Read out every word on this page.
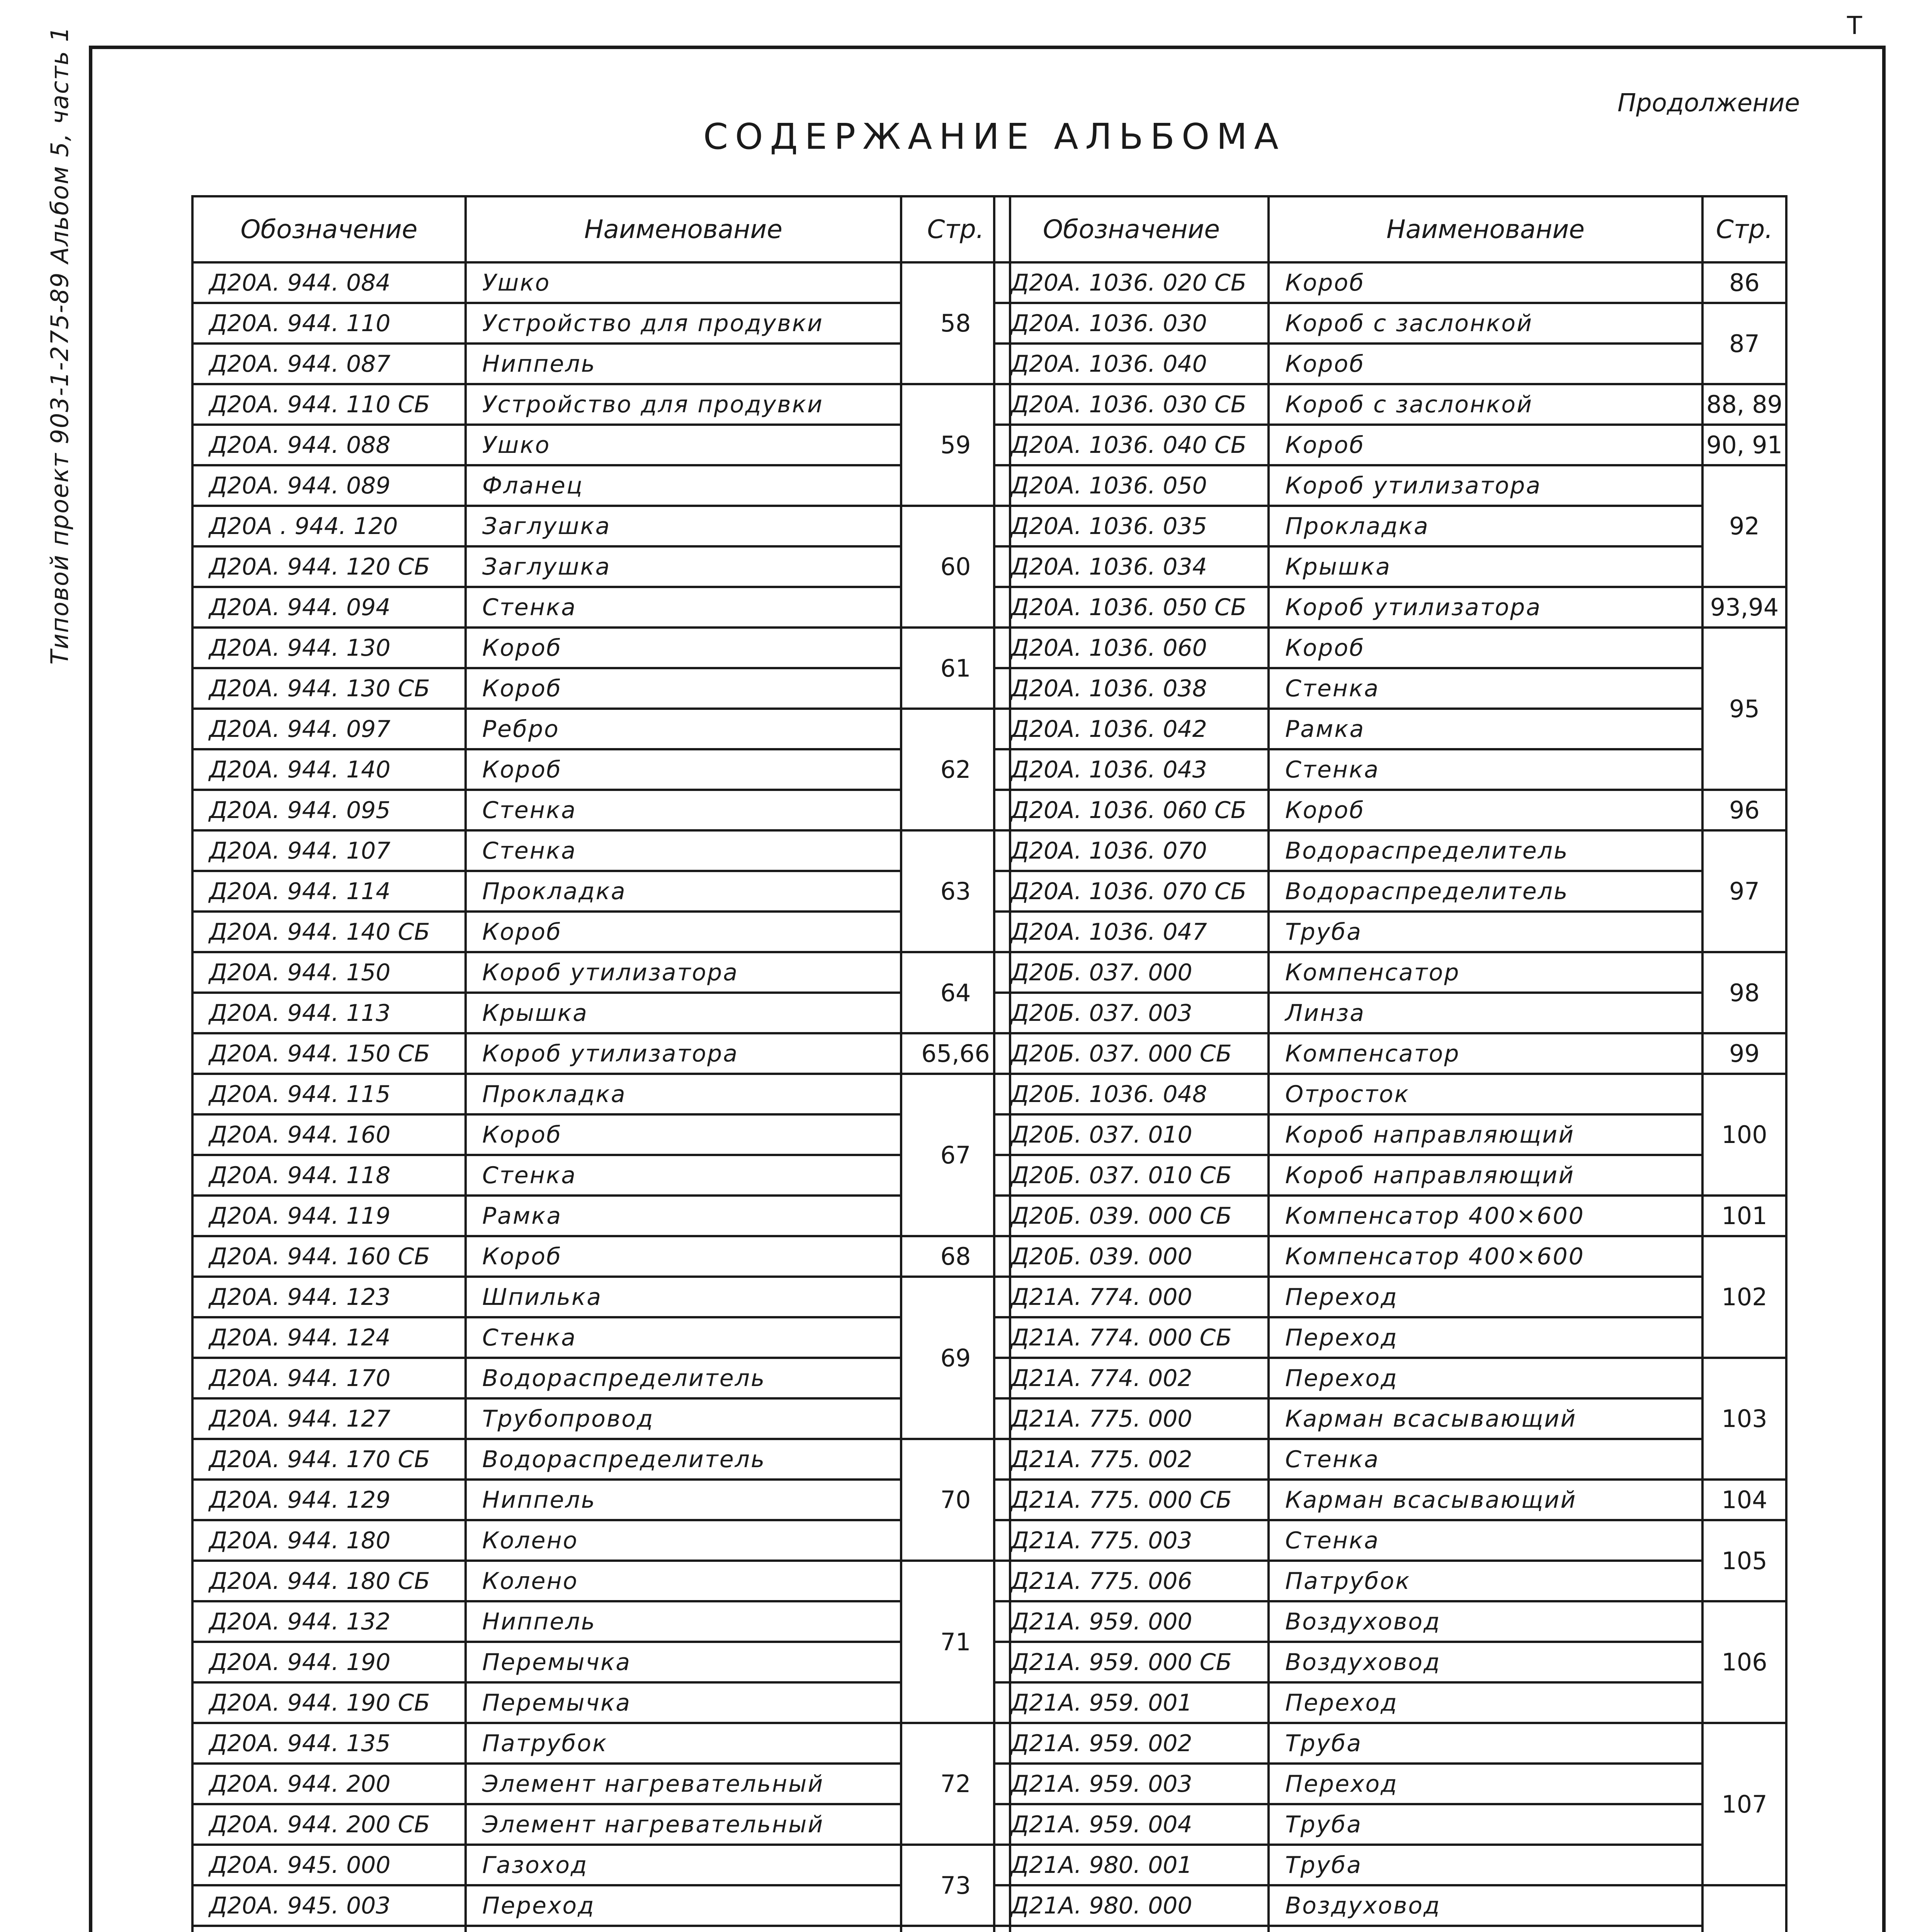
Типовой проект 903-1-275-89 Альбом 5, часть 1
Т
Продолжение
СОДЕРЖАНИЕ АЛЬБОМА
Обозначение	Наименование	Стр.
Д20А. 944. 084	Ушко	58
Д20А. 944. 110	Устройство для продувки	
Д20А. 944. 087	Ниппель	
Д20А. 944. 110 СБ	Устройство для продувки	59
Д20А. 944. 088	Ушко	
Д20А. 944. 089	Фланец	
Д20А . 944. 120	Заглушка	60
Д20А. 944. 120 СБ	Заглушка	
Д20А. 944. 094	Стенка	
Д20А. 944. 130	Короб	61
Д20А. 944. 130 СБ	Короб	
Д20А. 944. 097	Ребро	62
Д20А. 944. 140	Короб	
Д20А. 944. 095	Стенка	
Д20А. 944. 107	Стенка	63
Д20А. 944. 114	Прокладка	
Д20А. 944. 140 СБ	Короб	
Д20А. 944. 150	Короб утилизатора	64
Д20А. 944. 113	Крышка	
Д20А. 944. 150 СБ	Короб утилизатора	65,66
Д20А. 944. 115	Прокладка	67
Д20А. 944. 160	Короб	
Д20А. 944. 118	Стенка	
Д20А. 944. 119	Рамка	
Д20А. 944. 160 СБ	Короб	68
Д20А. 944. 123	Шпилька	69
Д20А. 944. 124	Стенка	
Д20А. 944. 170	Водораспределитель	
Д20А. 944. 127	Трубопровод	
Д20А. 944. 170 СБ	Водораспределитель	70
Д20А. 944. 129	Ниппель	
Д20А. 944. 180	Колено	
Д20А. 944. 180 СБ	Колено	71
Д20А. 944. 132	Ниппель	
Д20А. 944. 190	Перемычка	
Д20А. 944. 190 СБ	Перемычка	
Д20А. 944. 135	Патрубок	72
Д20А. 944. 200	Элемент нагревательный	
Д20А. 944. 200 СБ	Элемент нагревательный	
Д20А. 945. 000	Газоход	73
Д20А. 945. 003	Переход	

Обозначение	Наименование	Стр.
Д20А. 1036. 020 СБ	Короб	86
Д20А. 1036. 030	Короб с заслонкой	87
Д20А. 1036. 040	Короб	
Д20А. 1036. 030 СБ	Короб с заслонкой	88, 89
Д20А. 1036. 040 СБ	Короб	90, 91
Д20А. 1036. 050	Короб утилизатора	92
Д20А. 1036. 035	Прокладка	
Д20А. 1036. 034	Крышка	
Д20А. 1036. 050 СБ	Короб утилизатора	93,94
Д20А. 1036. 060	Короб	95
Д20А. 1036. 038	Стенка	
Д20А. 1036. 042	Рамка	
Д20А. 1036. 043	Стенка	
Д20А. 1036. 060 СБ	Короб	96
Д20А. 1036. 070	Водораспределитель	97
Д20А. 1036. 070 СБ	Водораспределитель	
Д20А. 1036. 047	Труба	
Д20Б. 037. 000	Компенсатор	98
Д20Б. 037. 003	Линза	
Д20Б. 037. 000 СБ	Компенсатор	99
Д20Б. 1036. 048	Отросток	100
Д20Б. 037. 010	Короб направляющий	
Д20Б. 037. 010 СБ	Короб направляющий	
Д20Б. 039. 000 СБ	Компенсатор 400×600	101
Д20Б. 039. 000	Компенсатор 400×600	102
Д21А. 774. 000	Переход	
Д21А. 774. 000 СБ	Переход	
Д21А. 774. 002	Переход	103
Д21А. 775. 000	Карман всасывающий	
Д21А. 775. 002	Стенка	
Д21А. 775. 000 СБ	Карман всасывающий	104
Д21А. 775. 003	Стенка	105
Д21А. 775. 006	Патрубок	
Д21А. 959. 000	Воздуховод	106
Д21А. 959. 000 СБ	Воздуховод	
Д21А. 959. 001	Переход	
Д21А. 959. 002	Труба	107
Д21А. 959. 003	Переход	
Д21А. 959. 004	Труба	
Д21А. 980. 001	Труба	
Д21А. 980. 000	Воздуховод	
